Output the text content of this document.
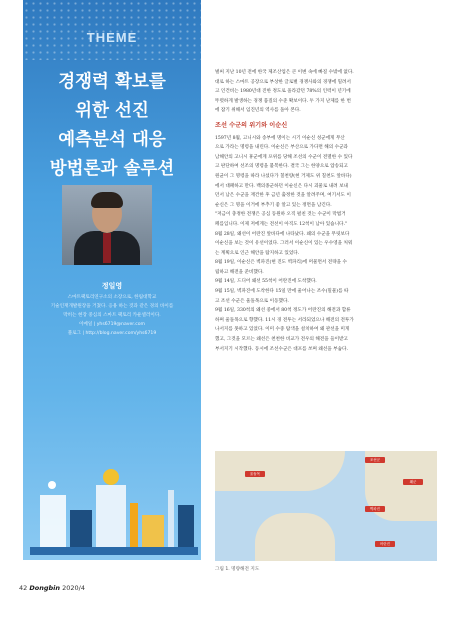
THEME
경쟁력 확보를
위한 선진
예측분석 대응
방법론과 솔루션
정일영
스마트팩토리연구소의 소장으로, 한림대학교
기술인재개발원장을 거쳤다. 응용 하는 것과 같은 경의 바이를
막히는 현장 중심의 스마트 팩토리 카운셀러이다.
이메일 | yhs6719@naver.com
블로그 | http://blog.naver.com/yhs6719

벌써 지난 10년 전에 한국 제조산업은 큰 이변 속에 빠질 수밖에 없다.
대로 하는 스마트 공장으로 부상한 글로벌 경쟁사와의 경쟁에 밀려서
고 인건비는 1980년대 진한 정도로 올라갔던 78%의 인력이 년기에
뚜렷하게 발생하는 경쟁 품질의 수준 확보이다. 두 가지 난제를 한 번
에 잡기 위해서 임진년의 역사를 돌아 본다.

조선 수군의 위기와 이순신

1597년 8월, 고니시와 송부에 명이는 시기 이순신 성군에게 무산
으로 가라는 명령을 내린다. 이순신은 부산으로 가다면 해의 수군과
남해안의 고니시 휴군에게 포위를 당해 조선의 수군이 전멸한 수 있다
고 판단하여 선조의 명령을 불복한다. 결국 그는 한양으로 압송되고
원균이 그 명령을 따라 나섰다가 칠천량(현 거제도 위 칠천도 앞바다)
에서 대패하고 만다. 백의종군하던 이순신은 다시 괴물로 내려 보내
던서 남은 수군을 재건한 후 금년 출정한 것을 알려주며, 여기서도 이
순신은 그 명을 이거에 부추기 좋 알고 있는 정면을 남긴다.
"저금이 충정한 전쟁은 공심 동원하 오직 펼친 것는 수군이 막법거
페를입니다. 이제 저에게는 전선이 아직도 12척이 남아 있습니다."
8월 28일, 왜선이 어란진 앞바다에 나타났다. 왜의 수군을 무릿보다
이순신을 보는 것이 유선이었다. 그러서 이순신이 있는 우수영을 처워
는 계획으로 인근 해안을 탐지하고 있었다.
8월 19일, 이순신은 벽파진(현 진도 벽파리)에 머물면서 전략을 수
립하고 해전을 준비했다.
9월 14일, 드디어 왜선 55척이 어란진에 도착했다.
9월 15일, 벽파진에 도착한다 15일 만에 울어나는 조수(밀물)를 따
고 조선 수군은 울돌목으로 이동했다.
9월 16일, 330척의 왜선 중에서 80척 정도가 어란진의 해전과 합류
하며 울돌목으로 향했다. 11시 경 전투는 서라되었으나 해전의 전투가
나서지를 못하고 있었다. 이미 수중 탐색을 설치하여 왜 관선을 미게
했고, 그것을 모르는 왜선은 천천한 비교가 전우의 해전을 들이받고
부서지기 시작했다. 동시에 조선수군은 대포를 쏘며 왜선을 부숩다.

조선군
왜군
울돌목
벽파진
어란진
그림 1. 명량해전 지도
42 Dongbin 2020/4
